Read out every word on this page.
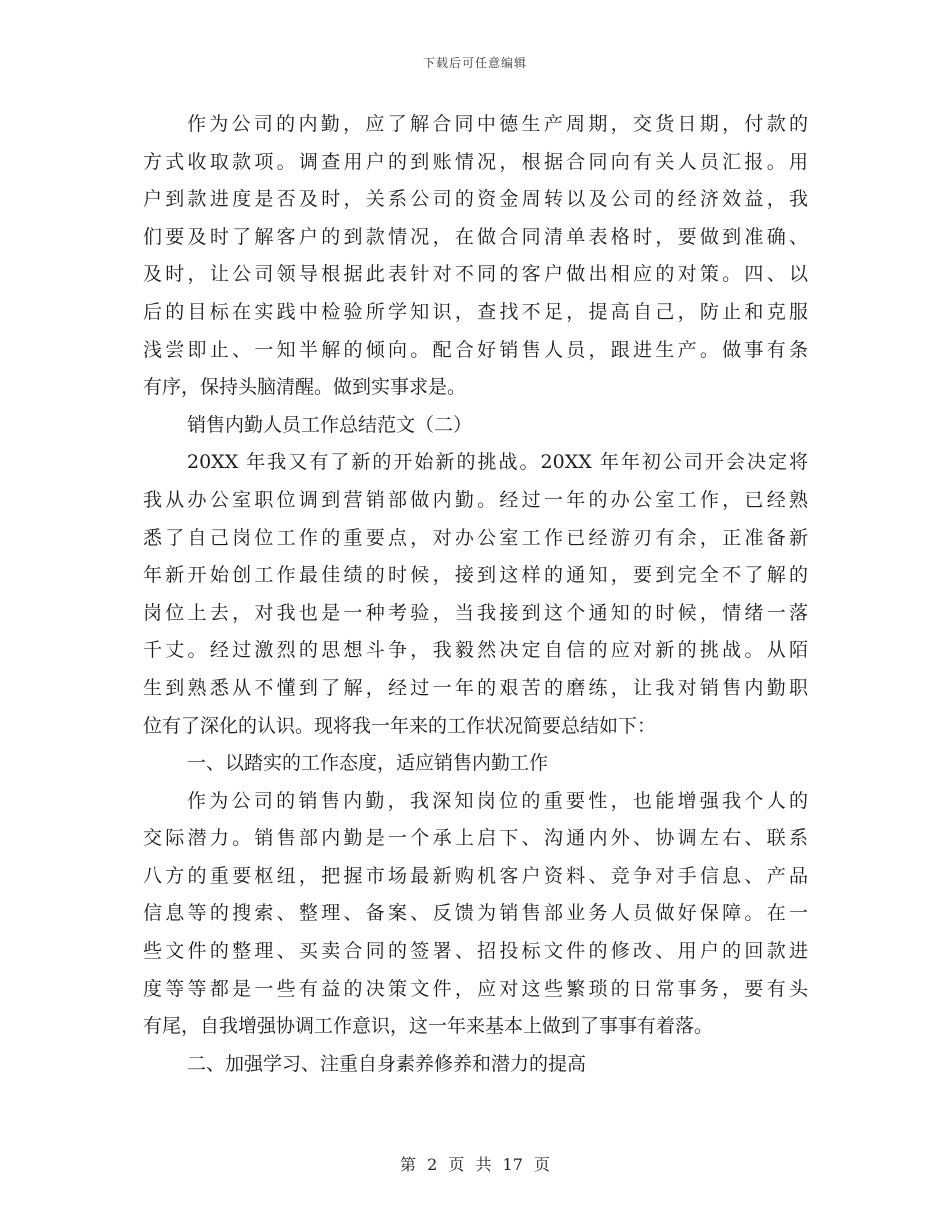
下载后可任意编辑
作为公司的内勤，应了解合同中德生产周期，交货日期，付款的
方式收取款项。调查用户的到账情况，根据合同向有关人员汇报。用
户到款进度是否及时，关系公司的资金周转以及公司的经济效益，我
们要及时了解客户的到款情况，在做合同清单表格时，要做到准确、
及时，让公司领导根据此表针对不同的客户做出相应的对策。四、以
后的目标在实践中检验所学知识，查找不足，提高自己，防止和克服
浅尝即止、一知半解的倾向。配合好销售人员，跟进生产。做事有条
有序，保持头脑清醒。做到实事求是。
销售内勤人员工作总结范文（二）
20XX 年我又有了新的开始新的挑战。20XX 年年初公司开会决定将
我从办公室职位调到营销部做内勤。经过一年的办公室工作，已经熟
悉了自己岗位工作的重要点，对办公室工作已经游刃有余，正准备新
年新开始创工作最佳绩的时候，接到这样的通知，要到完全不了解的
岗位上去，对我也是一种考验，当我接到这个通知的时候，情绪一落
千丈。经过激烈的思想斗争，我毅然决定自信的应对新的挑战。从陌
生到熟悉从不懂到了解，经过一年的艰苦的磨练，让我对销售内勤职
位有了深化的认识。现将我一年来的工作状况简要总结如下：
一、以踏实的工作态度，适应销售内勤工作
作为公司的销售内勤，我深知岗位的重要性，也能增强我个人的
交际潜力。销售部内勤是一个承上启下、沟通内外、协调左右、联系
八方的重要枢纽，把握市场最新购机客户资料、竞争对手信息、产品
信息等的搜索、整理、备案、反馈为销售部业务人员做好保障。在一
些文件的整理、买卖合同的签署、招投标文件的修改、用户的回款进
度等等都是一些有益的决策文件，应对这些繁琐的日常事务，要有头
有尾，自我增强协调工作意识，这一年来基本上做到了事事有着落。
二、加强学习、注重自身素养修养和潜力的提高
第 2 页 共 17 页
